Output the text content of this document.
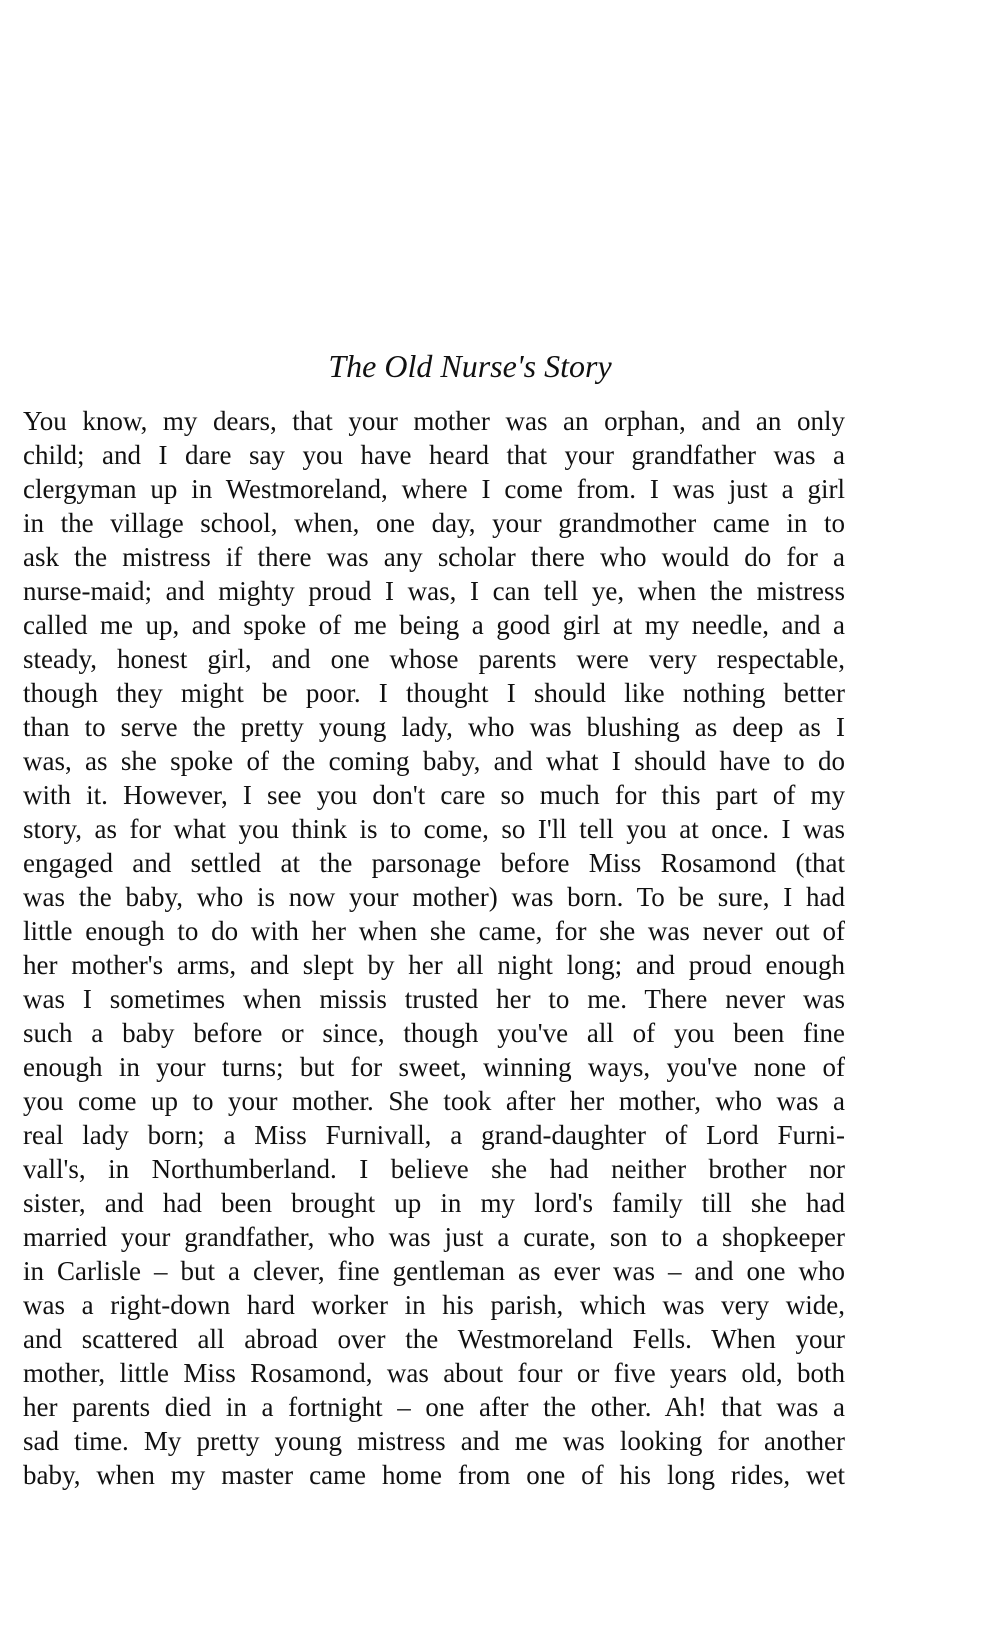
The Old Nurse's Story
You know, my dears, that your mother was an orphan, and an only
child; and I dare say you have heard that your grandfather was a
clergyman up in Westmoreland, where I come from. I was just a girl
in the village school, when, one day, your grandmother came in to
ask the mistress if there was any scholar there who would do for a
nurse-maid; and mighty proud I was, I can tell ye, when the mistress
called me up, and spoke of me being a good girl at my needle, and a
steady, honest girl, and one whose parents were very respectable,
though they might be poor. I thought I should like nothing better
than to serve the pretty young lady, who was blushing as deep as I
was, as she spoke of the coming baby, and what I should have to do
with it. However, I see you don't care so much for this part of my
story, as for what you think is to come, so I'll tell you at once. I was
engaged and settled at the parsonage before Miss Rosamond (that
was the baby, who is now your mother) was born. To be sure, I had
little enough to do with her when she came, for she was never out of
her mother's arms, and slept by her all night long; and proud enough
was I sometimes when missis trusted her to me. There never was
such a baby before or since, though you've all of you been fine
enough in your turns; but for sweet, winning ways, you've none of
you come up to your mother. She took after her mother, who was a
real lady born; a Miss Furnivall, a grand-daughter of Lord Furni-
vall's, in Northumberland. I believe she had neither brother nor
sister, and had been brought up in my lord's family till she had
married your grandfather, who was just a curate, son to a shopkeeper
in Carlisle – but a clever, fine gentleman as ever was – and one who
was a right-down hard worker in his parish, which was very wide,
and scattered all abroad over the Westmoreland Fells. When your
mother, little Miss Rosamond, was about four or five years old, both
her parents died in a fortnight – one after the other. Ah! that was a
sad time. My pretty young mistress and me was looking for another
baby, when my master came home from one of his long rides, wet
